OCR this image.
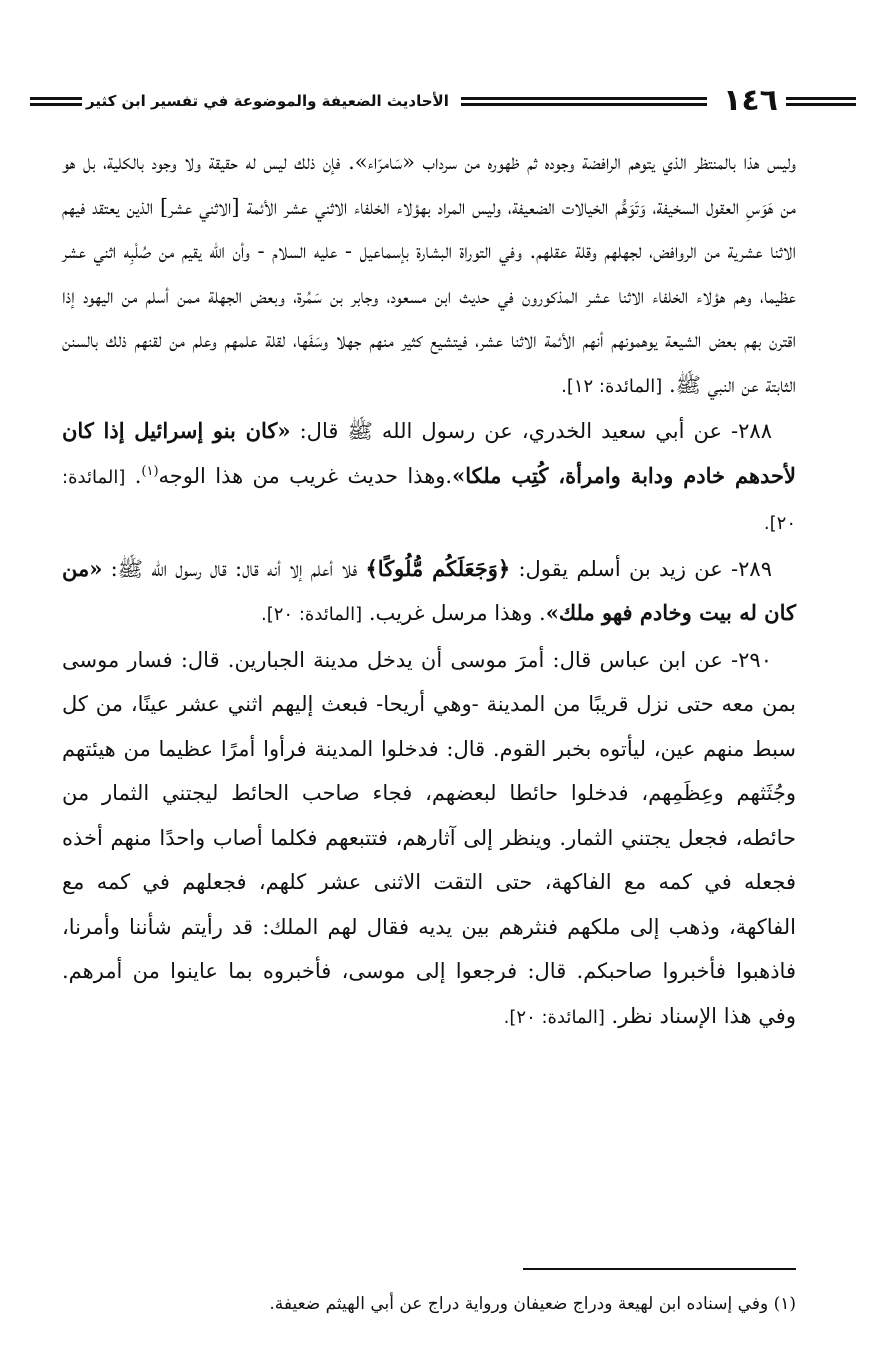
١٤٦
الأحاديث الضعيفة والموضوعة في تفسير ابن كثير

وليس هذا بالمنتظر الذي يتوهم الرافضة وجوده ثم ظهوره من سرداب «سَامرّاء». فإن ذلك ليس له حقيقة ولا وجود بالكلية، بل هو من هَوَسِ العقول السخيفة، وَتَوَهُّم الخيالات الضعيفة، وليس المراد بهؤلاء الخلفاء الاثني عشر الأئمة [الاثني عشر] الذين يعتقد فيهم الاثنا عشرية من الروافض، لجهلهم وقلة عقلهم. وفي التوراة البشارة بإسماعيل - عليه السلام - وأن الله يقيم من صُلْبِه اثني عشر عظيما، وهم هؤلاء الخلفاء الاثنا عشر المذكورون في حديث ابن مسعود، وجابر بن سَمُرة، وبعض الجهلة ممن أسلم من اليهود إذا اقترن بهم بعض الشيعة يوهمونهم أنهم الأئمة الاثنا عشر، فيتشيع كثير منهم جهلا وسَفَها، لقلة علمهم وعلم من لقنهم ذلك بالسنن الثابتة عن النبي ﷺ. [المائدة: ١٢].

٢٨٨- عن أبي سعيد الخدري، عن رسول الله ﷺ قال: «كان بنو إسرائيل إذا كان لأحدهم خادم ودابة وامرأة، كُتِب ملكا».وهذا حديث غريب من هذا الوجه$^{(١)}$. [المائدة: ٢٠].

٢٨٩- عن زيد بن أسلم يقول: ﴿وَجَعَلَكُم مُّلُوكًا﴾ فلا أعلم إلا أنه قال: قال رسول الله ﷺ: «من كان له بيت وخادم فهو ملك». وهذا مرسل غريب. [المائدة: ٢٠].

٢٩٠- عن ابن عباس قال: أمرَ موسى أن يدخل مدينة الجبارين. قال: فسار موسى بمن معه حتى نزل قريبًا من المدينة -وهي أريحا- فبعث إليهم اثني عشر عينًا، من كل سبط منهم عين، ليأتوه بخبر القوم. قال: فدخلوا المدينة فرأوا أمرًا عظيما من هيئتهم وجُثَثهم وعِظَمِهم، فدخلوا حائطا لبعضهم، فجاء صاحب الحائط ليجتني الثمار من حائطه، فجعل يجتني الثمار. وينظر إلى آثارهم، فتتبعهم فكلما أصاب واحدًا منهم أخذه فجعله في كمه مع الفاكهة، حتى التقت الاثنى عشر كلهم، فجعلهم في كمه مع الفاكهة، وذهب إلى ملكهم فنثرهم بين يديه فقال لهم الملك: قد رأيتم شأننا وأمرنا، فاذهبوا فأخبروا صاحبكم. قال: فرجعوا إلى موسى، فأخبروه بما عاينوا من أمرهم. وفي هذا الإسناد نظر. [المائدة: ٢٠].

(١) وفي إسناده ابن لهيعة ودراج ضعيفان ورواية دراج عن أبي الهيثم ضعيفة.
